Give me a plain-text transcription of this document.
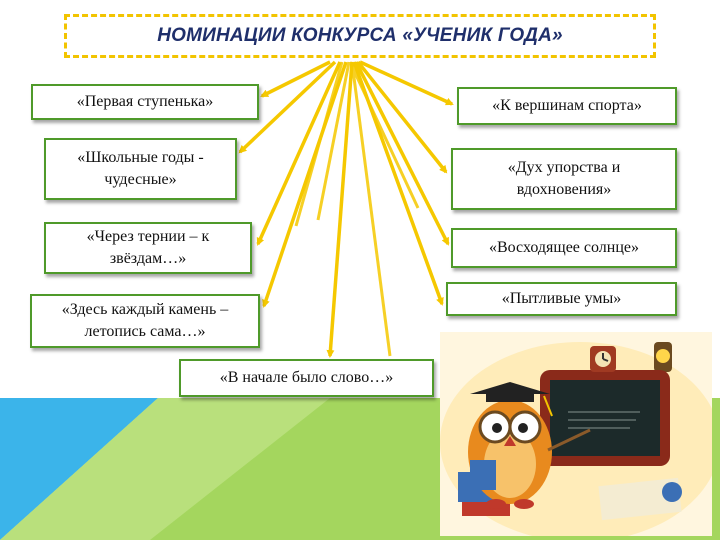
НОМИНАЦИИ КОНКУРСА «УЧЕНИК ГОДА»
«Первая ступенька»
«Школьные годы - чудесные»
«Через тернии – к звёздам…»
«Здесь каждый камень – летопись сама…»
«В начале было слово…»
«К вершинам спорта»
«Дух упорства и вдохновения»
«Восходящее солнце»
«Пытливые умы»
